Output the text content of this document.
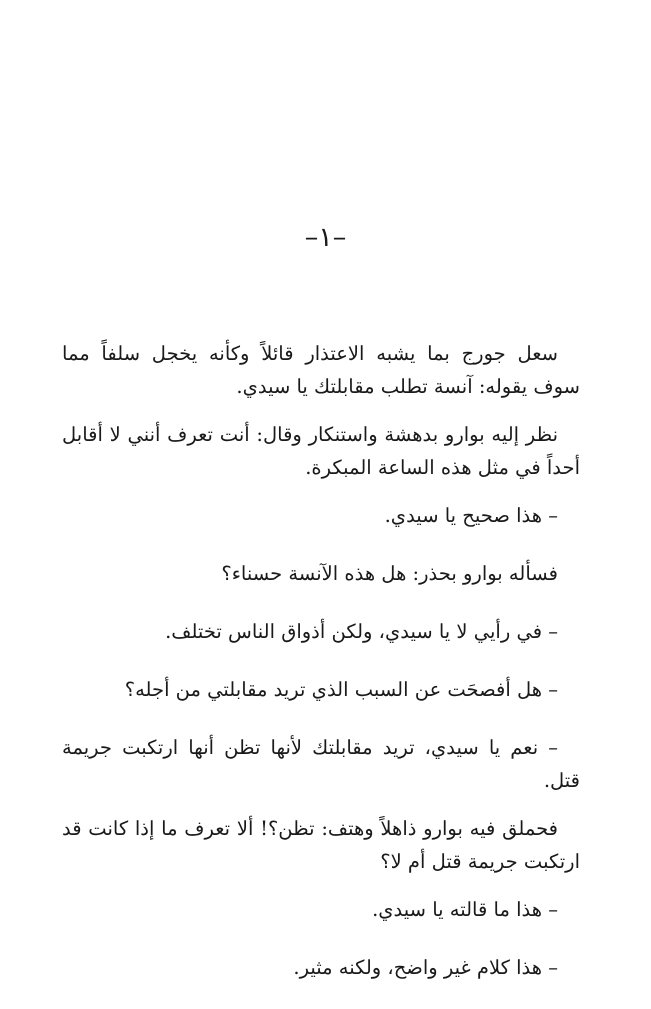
–١–

سعل جورج بما يشبه الاعتذار قائلاً وكأنه يخجل سلفاً مما سوف يقوله: آنسة تطلب مقابلتك يا سيدي.

نظر إليه بوارو بدهشة واستنكار وقال: أنت تعرف أنني لا أقابل أحداً في مثل هذه الساعة المبكرة.

– هذا صحيح يا سيدي.

فسأله بوارو بحذر: هل هذه الآنسة حسناء؟

– في رأيي لا يا سيدي، ولكن أذواق الناس تختلف.

– هل أفصحَت عن السبب الذي تريد مقابلتي من أجله؟

– نعم يا سيدي، تريد مقابلتك لأنها تظن أنها ارتكبت جريمة قتل.

فحملق فيه بوارو ذاهلاً وهتف: تظن؟! ألا تعرف ما إذا كانت قد ارتكبت جريمة قتل أم لا؟

– هذا ما قالته يا سيدي.

– هذا كلام غير واضح، ولكنه مثير.
